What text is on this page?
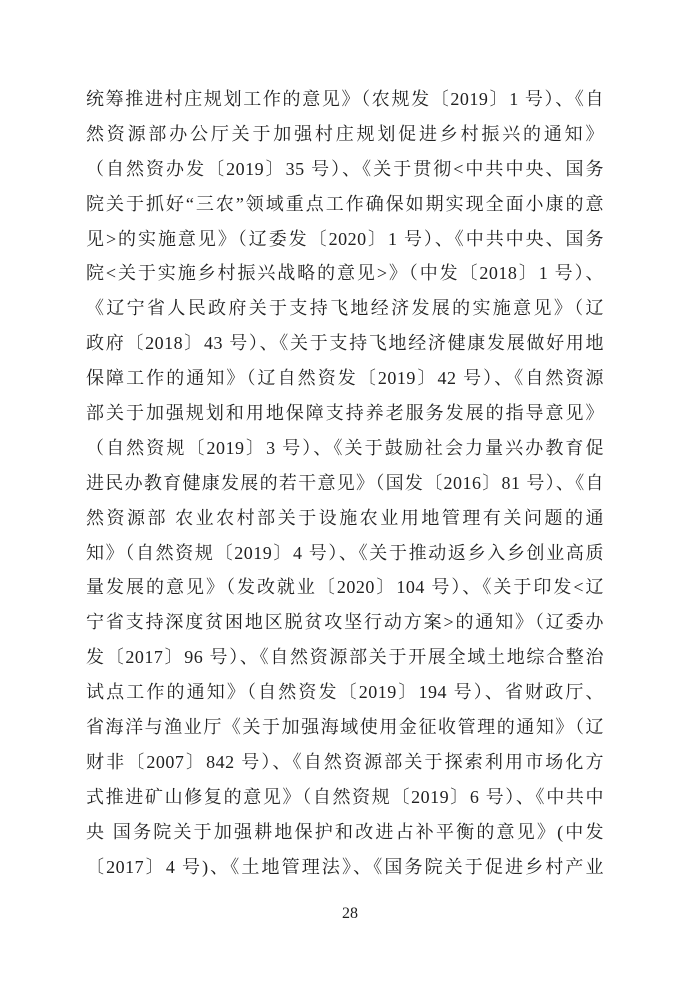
统筹推进村庄规划工作的意见》（农规发〔2019〕1 号）、《自
然资源部办公厅关于加强村庄规划促进乡村振兴的通知》
（自然资办发〔2019〕35 号）、《关于贯彻<中共中央、国务
院关于抓好“三农”领域重点工作确保如期实现全面小康的意
见>的实施意见》（辽委发〔2020〕1 号）、《中共中央、国务
院<关于实施乡村振兴战略的意见>》（中发〔2018〕1 号）、
《辽宁省人民政府关于支持飞地经济发展的实施意见》（辽
政府〔2018〕43 号）、《关于支持飞地经济健康发展做好用地
保障工作的通知》（辽自然资发〔2019〕42 号）、《自然资源
部关于加强规划和用地保障支持养老服务发展的指导意见》
（自然资规〔2019〕3 号）、《关于鼓励社会力量兴办教育促
进民办教育健康发展的若干意见》（国发〔2016〕81 号）、《自
然资源部 农业农村部关于设施农业用地管理有关问题的通
知》（自然资规〔2019〕4 号）、《关于推动返乡入乡创业高质
量发展的意见》（发改就业〔2020〕104 号）、《关于印发<辽
宁省支持深度贫困地区脱贫攻坚行动方案>的通知》（辽委办
发〔2017〕96 号）、《自然资源部关于开展全域土地综合整治
试点工作的通知》（自然资发〔2019〕194 号）、省财政厅、
省海洋与渔业厅《关于加强海域使用金征收管理的通知》（辽
财非〔2007〕842 号）、《自然资源部关于探索利用市场化方
式推进矿山修复的意见》（自然资规〔2019〕6 号）、《中共中
央 国务院关于加强耕地保护和改进占补平衡的意见》(中发
〔2017〕4 号)、《土地管理法》、《国务院关于促进乡村产业
28
